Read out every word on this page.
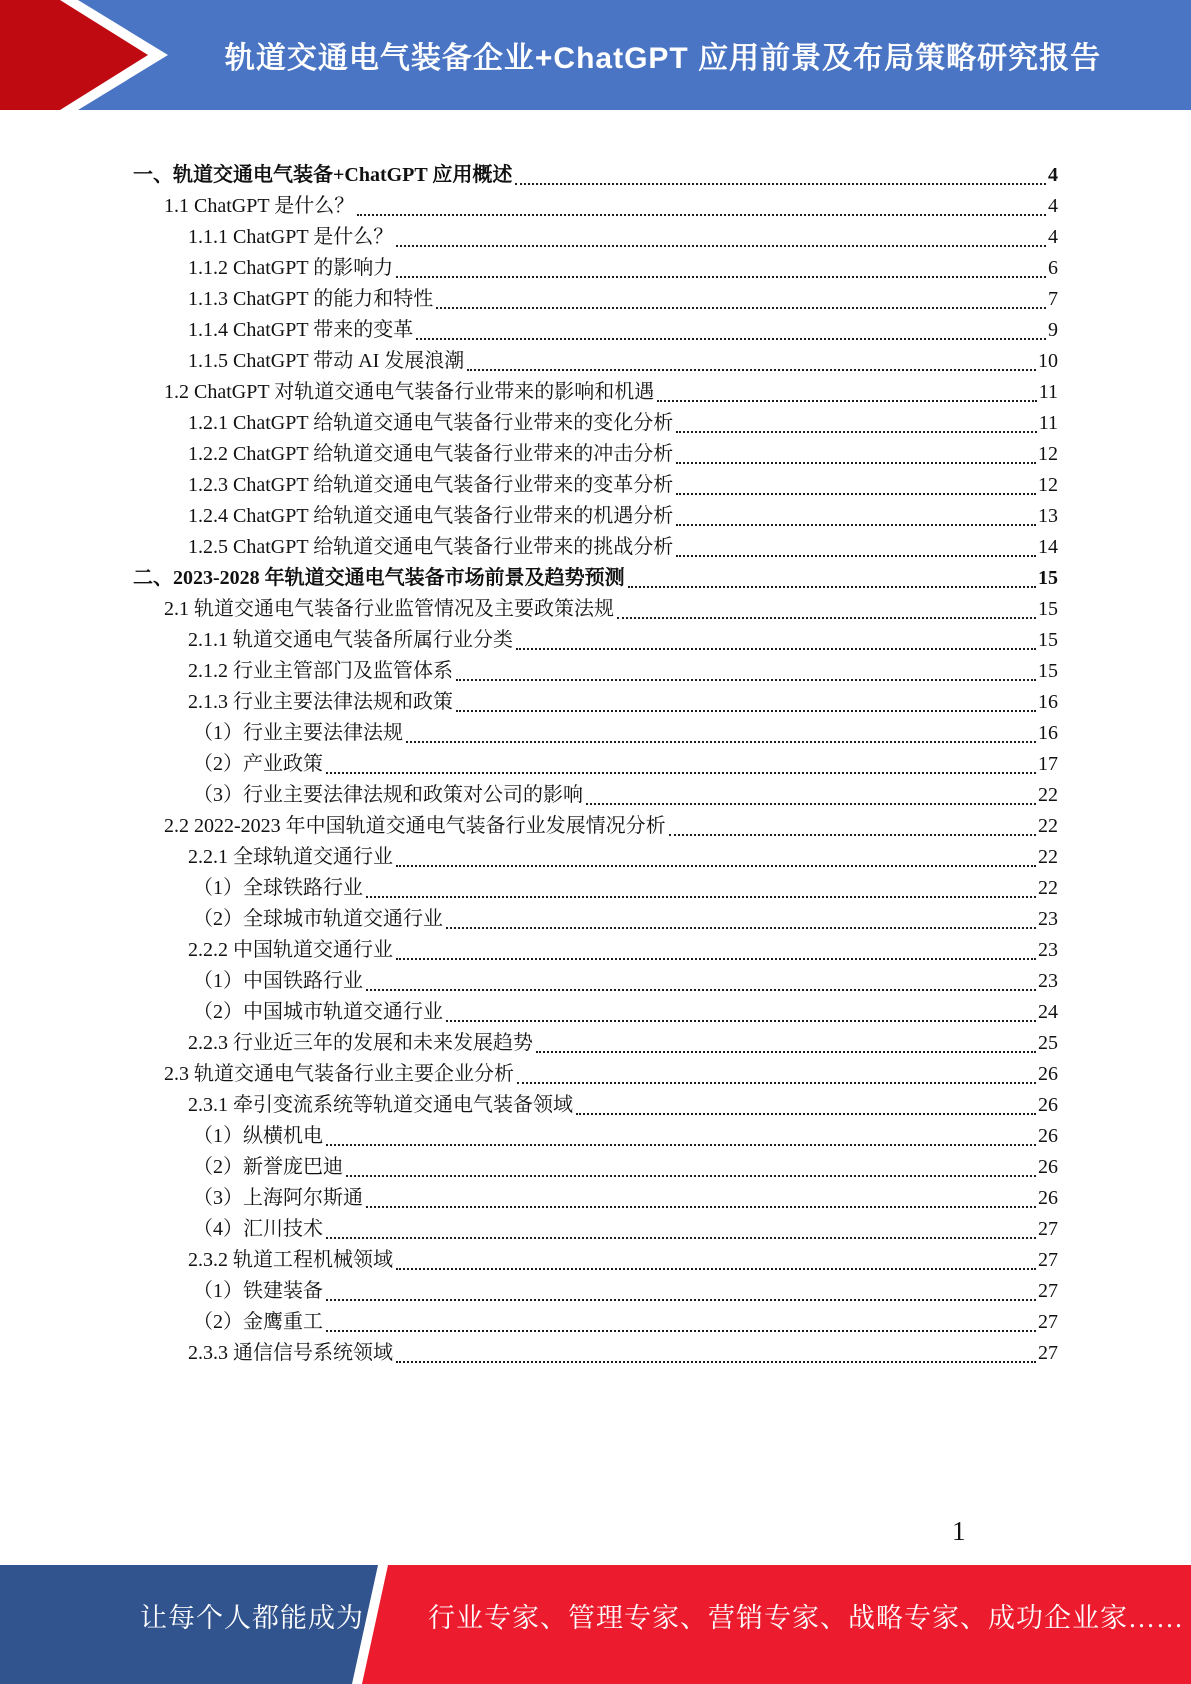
轨道交通电气装备企业+ChatGPT 应用前景及布局策略研究报告
一、轨道交通电气装备+ChatGPT 应用概述	4
1.1 ChatGPT 是什么？	4
1.1.1 ChatGPT 是什么？	4
1.1.2 ChatGPT 的影响力	6
1.1.3 ChatGPT 的能力和特性	7
1.1.4 ChatGPT 带来的变革	9
1.1.5 ChatGPT 带动 AI 发展浪潮	10
1.2 ChatGPT 对轨道交通电气装备行业带来的影响和机遇	11
1.2.1 ChatGPT 给轨道交通电气装备行业带来的变化分析	11
1.2.2 ChatGPT 给轨道交通电气装备行业带来的冲击分析	12
1.2.3 ChatGPT 给轨道交通电气装备行业带来的变革分析	12
1.2.4 ChatGPT 给轨道交通电气装备行业带来的机遇分析	13
1.2.5 ChatGPT 给轨道交通电气装备行业带来的挑战分析	14
二、2023-2028 年轨道交通电气装备市场前景及趋势预测	15
2.1 轨道交通电气装备行业监管情况及主要政策法规	15
2.1.1 轨道交通电气装备所属行业分类	15
2.1.2 行业主管部门及监管体系	15
2.1.3 行业主要法律法规和政策	16
（1）行业主要法律法规	16
（2）产业政策	17
（3）行业主要法律法规和政策对公司的影响	22
2.2 2022-2023 年中国轨道交通电气装备行业发展情况分析	22
2.2.1 全球轨道交通行业	22
（1）全球铁路行业	22
（2）全球城市轨道交通行业	23
2.2.2 中国轨道交通行业	23
（1）中国铁路行业	23
（2）中国城市轨道交通行业	24
2.2.3 行业近三年的发展和未来发展趋势	25
2.3 轨道交通电气装备行业主要企业分析	26
2.3.1 牵引变流系统等轨道交通电气装备领域	26
（1）纵横机电	26
（2）新誉庞巴迪	26
（3）上海阿尔斯通	26
（4）汇川技术	27
2.3.2 轨道工程机械领域	27
（1）铁建装备	27
（2）金鹰重工	27
2.3.3 通信信号系统领域	27
1
让每个人都能成为 行业专家、管理专家、营销专家、战略专家、成功企业家……
